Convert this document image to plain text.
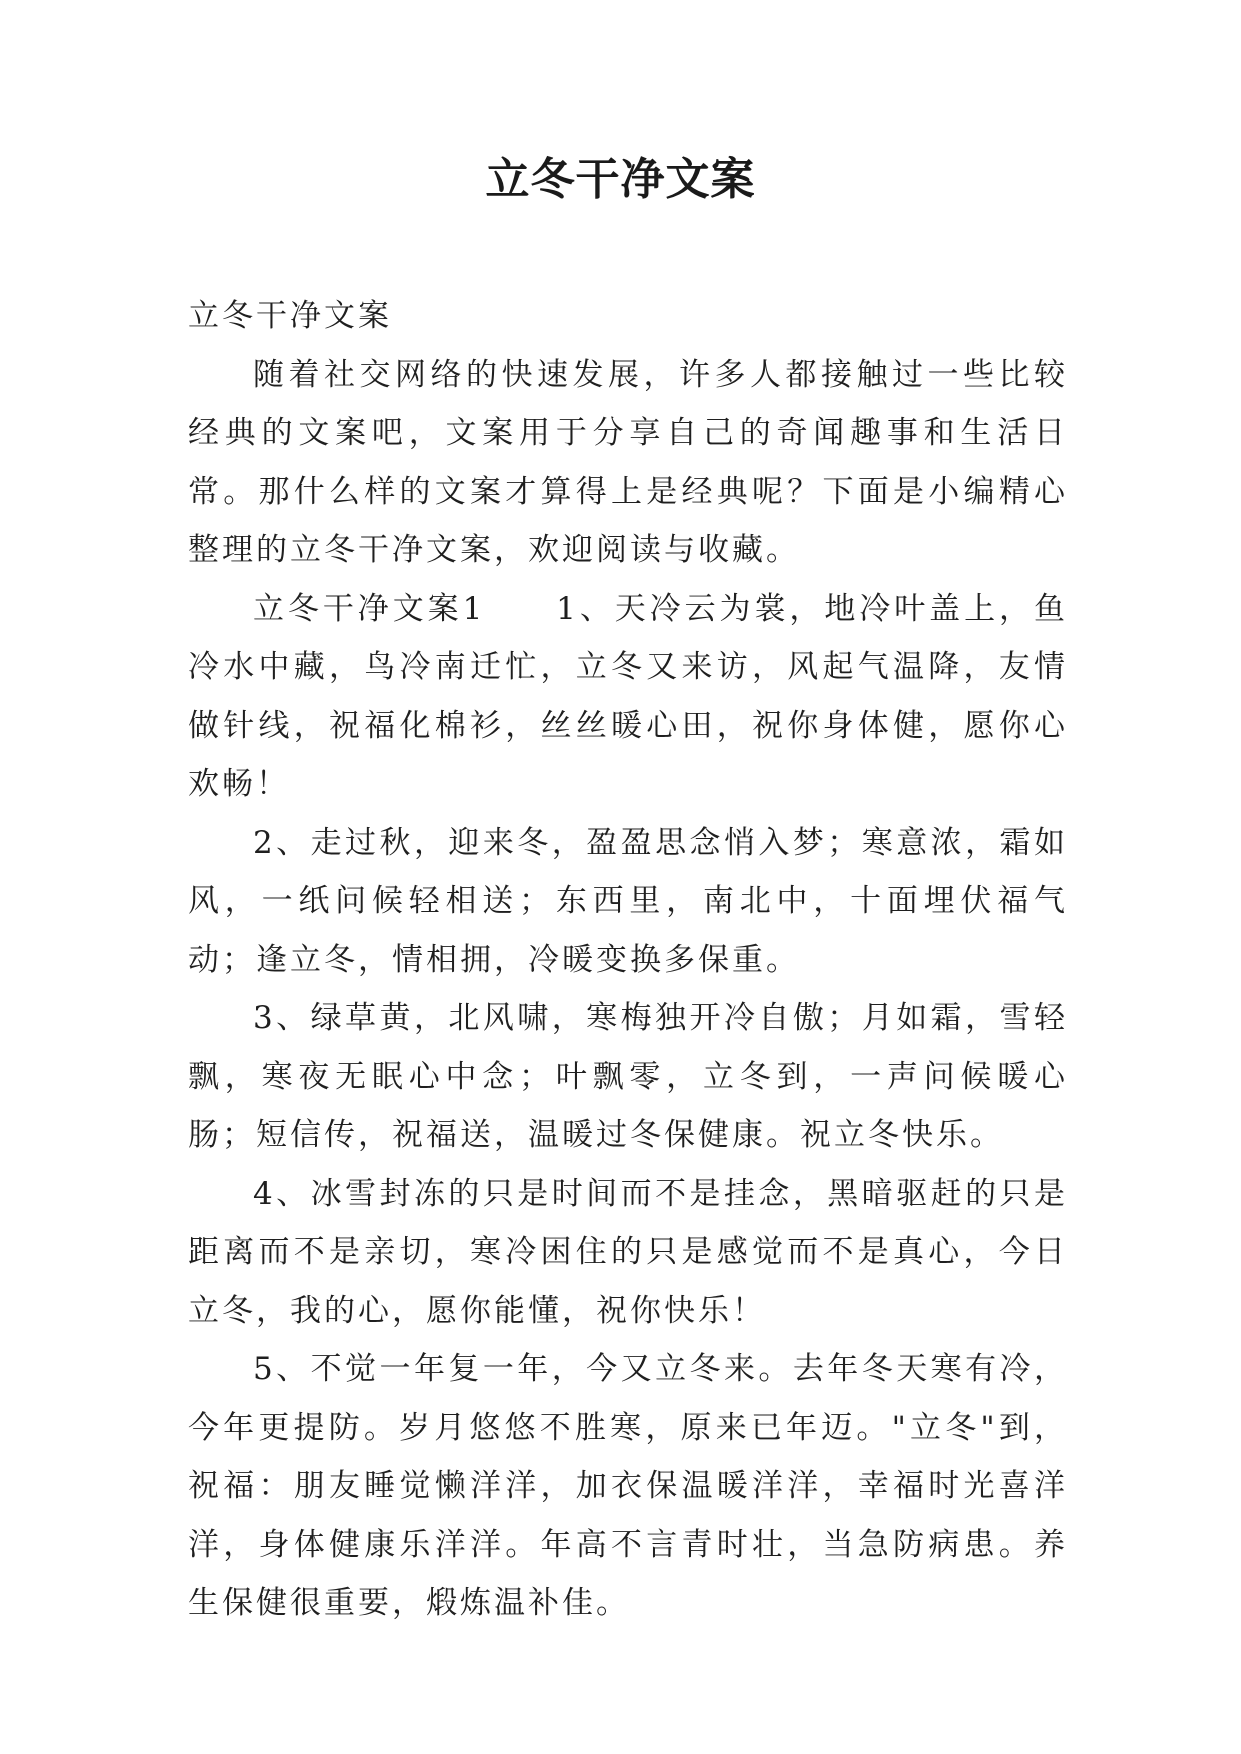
立冬干净文案

立冬干净文案

随着社交网络的快速发展，许多人都接触过一些比较经典的文案吧，文案用于分享自己的奇闻趣事和生活日常。那什么样的文案才算得上是经典呢？下面是小编精心整理的立冬干净文案，欢迎阅读与收藏。

立冬干净文案1　　1、天冷云为裳，地冷叶盖上，鱼冷水中藏，鸟冷南迁忙，立冬又来访，风起气温降，友情做针线，祝福化棉衫，丝丝暖心田，祝你身体健，愿你心欢畅！

2、走过秋，迎来冬，盈盈思念悄入梦；寒意浓，霜如风，一纸问候轻相送；东西里，南北中，十面埋伏福气动；逢立冬，情相拥，冷暖变换多保重。

3、绿草黄，北风啸，寒梅独开冷自傲；月如霜，雪轻飘，寒夜无眠心中念；叶飘零，立冬到，一声问候暖心肠；短信传，祝福送，温暖过冬保健康。祝立冬快乐。

4、冰雪封冻的只是时间而不是挂念，黑暗驱赶的只是距离而不是亲切，寒冷困住的只是感觉而不是真心，今日立冬，我的心，愿你能懂，祝你快乐！

5、不觉一年复一年，今又立冬来。去年冬天寒有冷，今年更提防。岁月悠悠不胜寒，原来已年迈。"立冬"到，祝福：朋友睡觉懒洋洋，加衣保温暖洋洋，幸福时光喜洋洋，身体健康乐洋洋。年高不言青时壮，当急防病患。养生保健很重要，煅炼温补佳。
